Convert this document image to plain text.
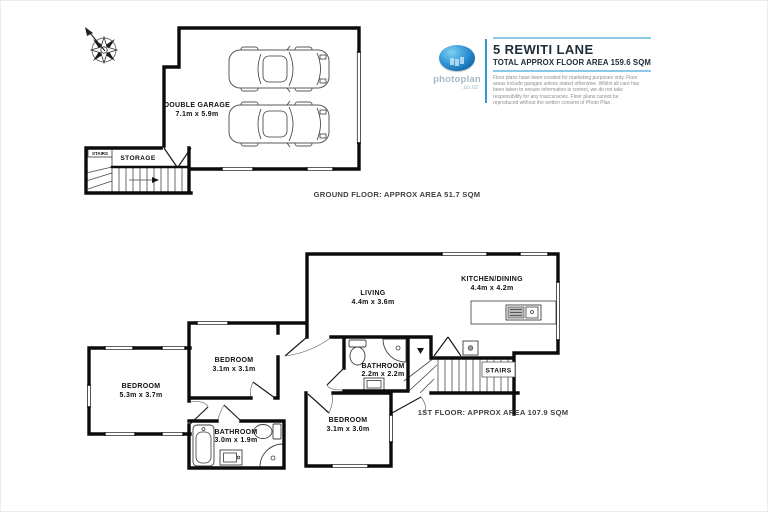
DOUBLE GARAGE
7.1m x 5.9m
STORAGE
STAIRS
GROUND FLOOR: APPROX AREA 51.7 SQM
LIVING
4.4m x 3.6m
KITCHEN/DINING
4.4m x 4.2m
BEDROOM
3.1m x 3.1m
BEDROOM
5.3m x 3.7m
BATHROOM
3.0m x 1.9m
BEDROOM
3.1m x 3.0m
BATHROOM
2.2m x 2.2m	STAIRS
1ST FLOOR: APPROX AREA 107.9 SQM
photoplan
.co.nz
5 REWITI LANE
TOTAL APPROX FLOOR AREA 159.6 SQM
Floor plans have been created for marketing purposes only. Floor
areas include garages unless stated otherwise. Whilst all care has
been taken to ensure information is correct, we do not take
responsibility for any inaccuracies. Floor plans cannot be
reproduced without the written consent of Photo Plan.
